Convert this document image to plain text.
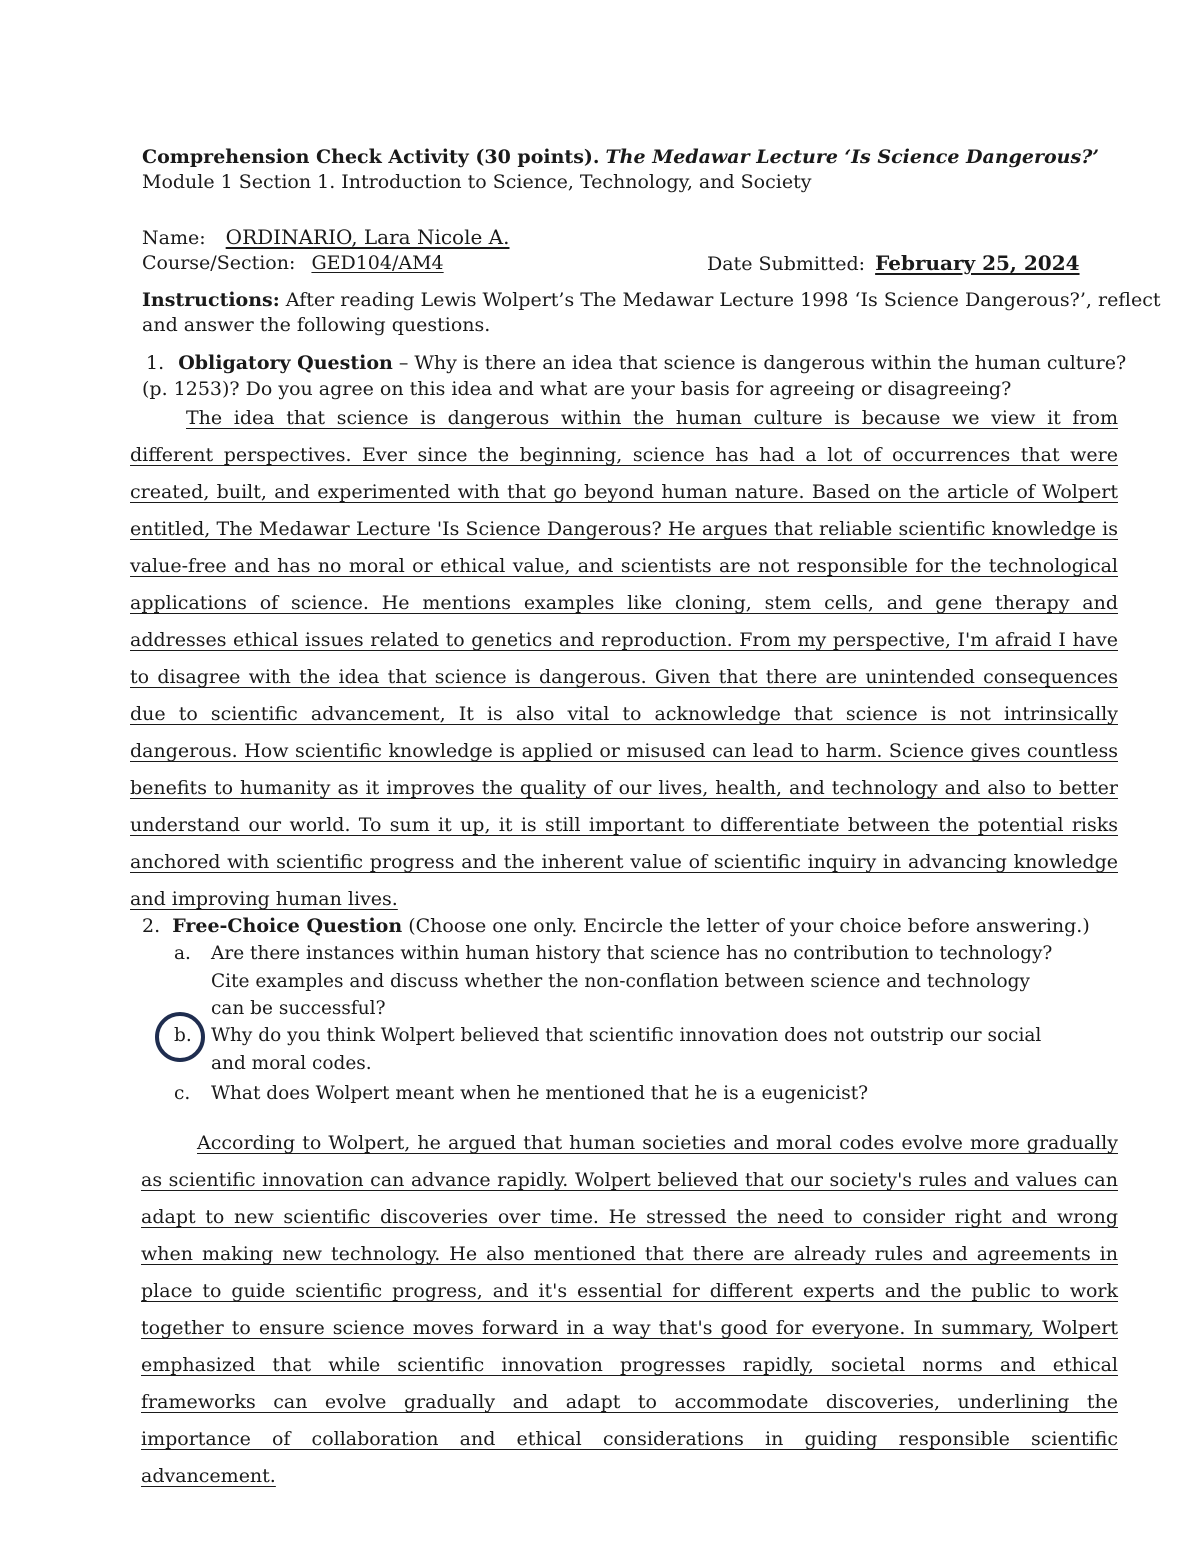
Comprehension Check Activity (30 points). The Medawar Lecture ‘Is Science Dangerous?’
Module 1 Section 1. Introduction to Science, Technology, and Society
Name: ORDINARIO, Lara Nicole A.
Course/Section: GED104/AM4	Date Submitted: February 25, 2024
Instructions: After reading Lewis Wolpert’s The Medawar Lecture 1998 ‘Is Science Dangerous?’, reflect
and answer the following questions.
1. Obligatory Question – Why is there an idea that science is dangerous within the human culture?
(p. 1253)? Do you agree on this idea and what are your basis for agreeing or disagreeing?
The idea that science is dangerous within the human culture is because we view it from different perspectives. Ever since the beginning, science has had a lot of occurrences that were created, built, and experimented with that go beyond human nature. Based on the article of Wolpert entitled, The Medawar Lecture 'Is Science Dangerous? He argues that reliable scientific knowledge is value-free and has no moral or ethical value, and scientists are not responsible for the technological applications of science. He mentions examples like cloning, stem cells, and gene therapy and addresses ethical issues related to genetics and reproduction. From my perspective, I'm afraid I have to disagree with the idea that science is dangerous. Given that there are unintended consequences due to scientific advancement, It is also vital to acknowledge that science is not intrinsically dangerous. How scientific knowledge is applied or misused can lead to harm. Science gives countless benefits to humanity as it improves the quality of our lives, health, and technology and also to better understand our world. To sum it up, it is still important to differentiate between the potential risks anchored with scientific progress and the inherent value of scientific inquiry in advancing knowledge and improving human lives.
2. Free-Choice Question (Choose one only. Encircle the letter of your choice before answering.)
a. Are there instances within human history that science has no contribution to technology? Cite examples and discuss whether the non-conflation between science and technology can be successful?
b. Why do you think Wolpert believed that scientific innovation does not outstrip our social and moral codes.
c. What does Wolpert meant when he mentioned that he is a eugenicist?
According to Wolpert, he argued that human societies and moral codes evolve more gradually as scientific innovation can advance rapidly. Wolpert believed that our society's rules and values can adapt to new scientific discoveries over time. He stressed the need to consider right and wrong when making new technology. He also mentioned that there are already rules and agreements in place to guide scientific progress, and it's essential for different experts and the public to work together to ensure science moves forward in a way that's good for everyone. In summary, Wolpert emphasized that while scientific innovation progresses rapidly, societal norms and ethical frameworks can evolve gradually and adapt to accommodate discoveries, underlining the importance of collaboration and ethical considerations in guiding responsible scientific advancement.
